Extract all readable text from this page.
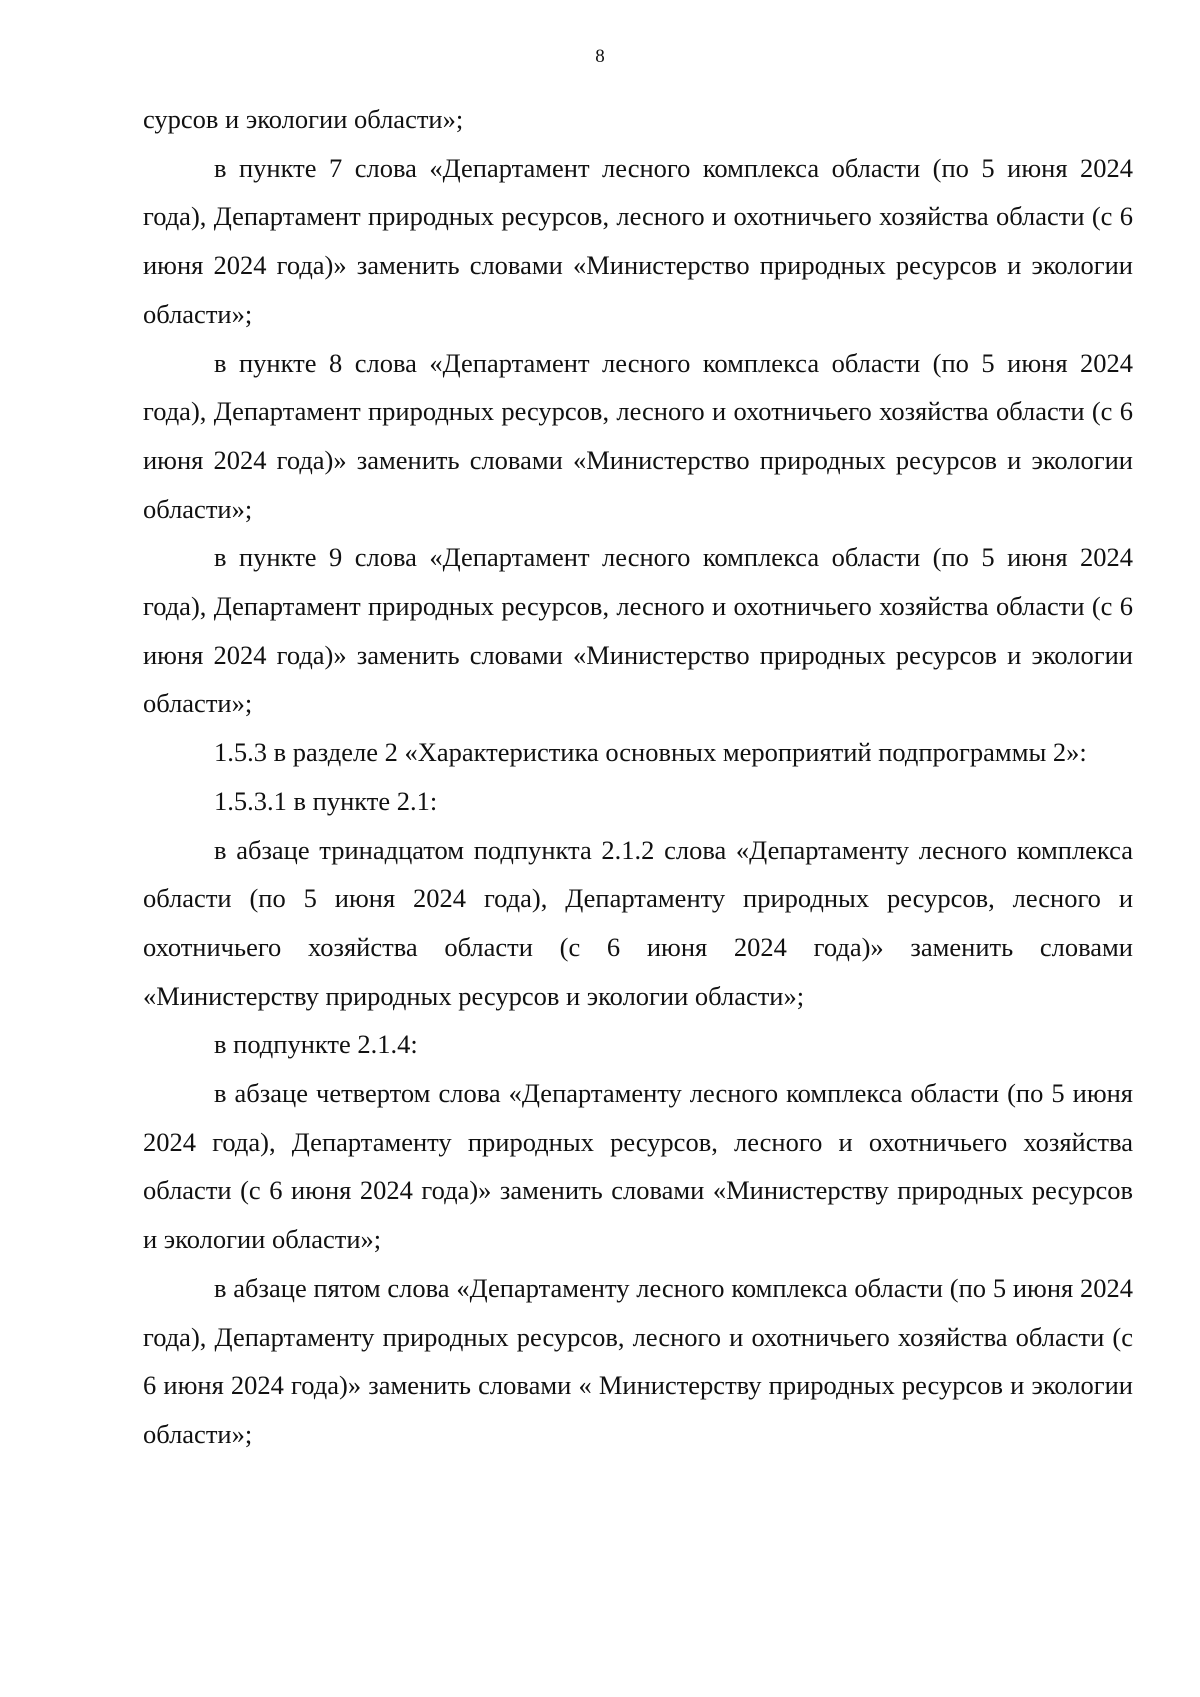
8

сурсов и экологии области»;

в пункте 7 слова «Департамент лесного комплекса области (по 5 июня 2024 года), Департамент природных ресурсов, лесного и охотничьего хозяйства области (с 6 июня 2024 года)» заменить словами «Министерство природных ресурсов и экологии области»;

в пункте 8 слова «Департамент лесного комплекса области (по 5 июня 2024 года), Департамент природных ресурсов, лесного и охотничьего хозяйства области (с 6 июня 2024 года)» заменить словами «Министерство природных ресурсов и экологии области»;

в пункте 9 слова «Департамент лесного комплекса области (по 5 июня 2024 года), Департамент природных ресурсов, лесного и охотничьего хозяйства области (с 6 июня 2024 года)» заменить словами «Министерство природных ресурсов и экологии области»;

1.5.3 в разделе 2 «Характеристика основных мероприятий подпрограммы 2»:

1.5.3.1 в пункте 2.1:

в абзаце тринадцатом подпункта 2.1.2 слова «Департаменту лесного комплекса области (по 5 июня 2024 года), Департаменту природных ресурсов, лесного и охотничьего хозяйства области (с 6 июня 2024 года)» заменить словами «Министерству природных ресурсов и экологии области»;

в подпункте 2.1.4:

в абзаце четвертом слова «Департаменту лесного комплекса области (по 5 июня 2024 года), Департаменту природных ресурсов, лесного и охотничьего хозяйства области (с 6 июня 2024 года)» заменить словами «Министерству природных ресурсов и экологии области»;

в абзаце пятом слова «Департаменту лесного комплекса области (по 5 июня 2024 года), Департаменту природных ресурсов, лесного и охотничьего хозяйства области (с 6 июня 2024 года)» заменить словами « Министерству природных ресурсов и экологии области»;
